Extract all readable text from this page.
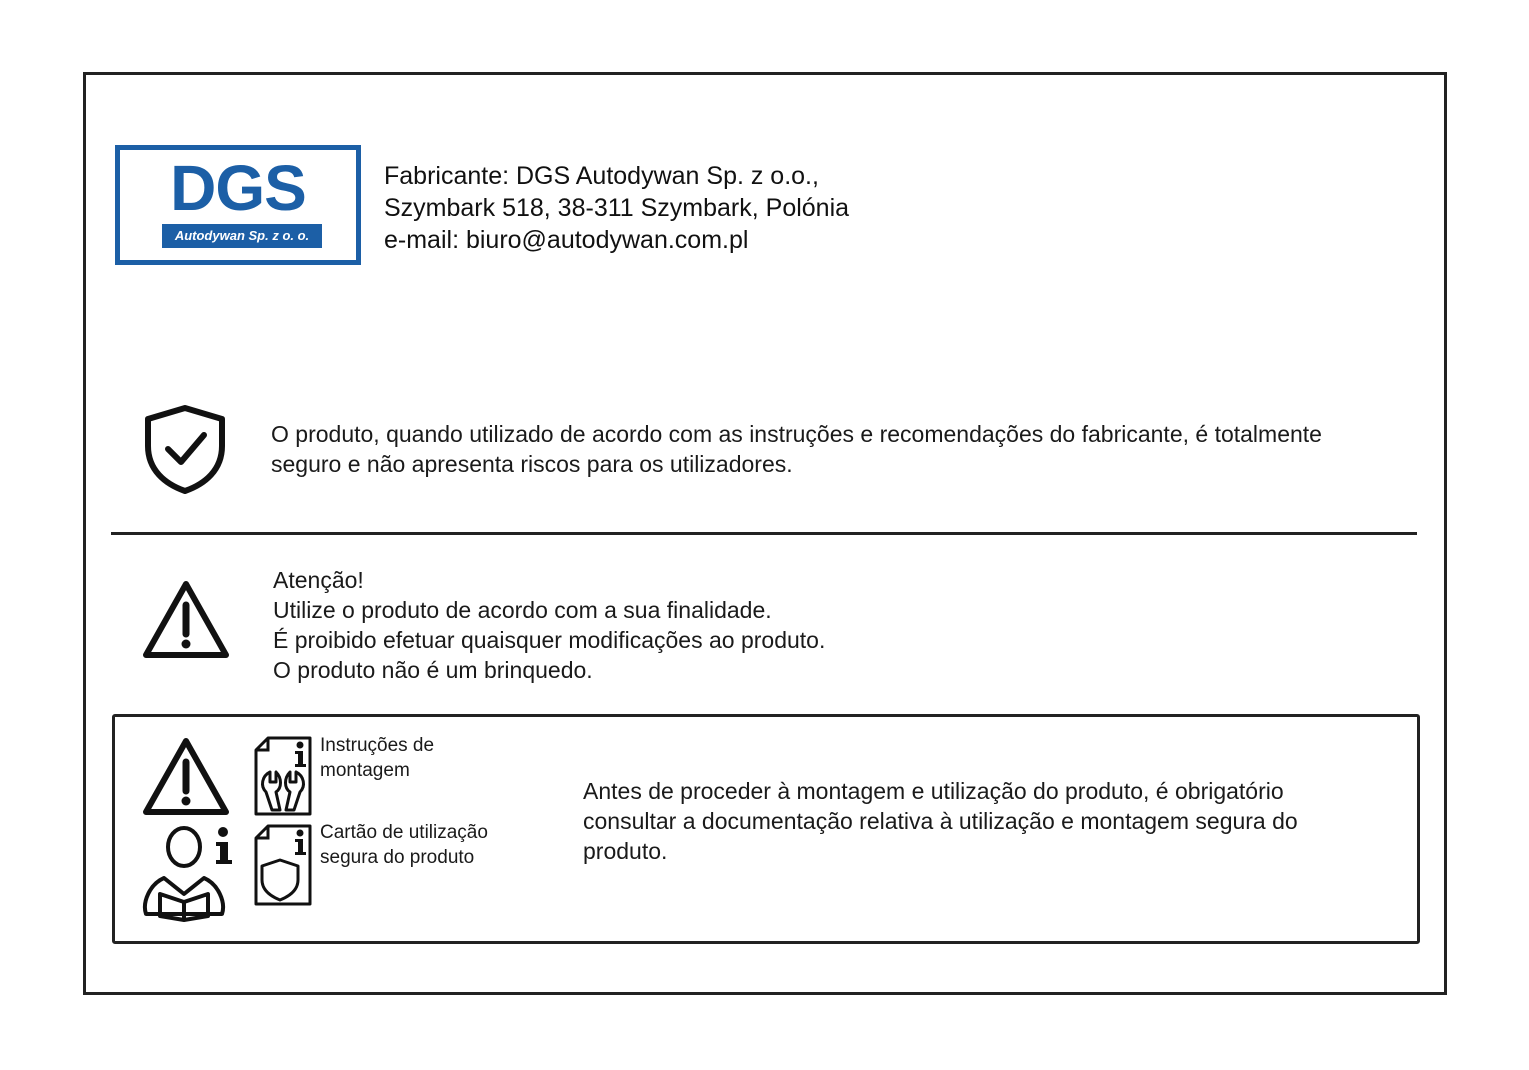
DGS
Autodywan Sp. z o. o.
Fabricante: DGS Autodywan Sp. z o.o.,
Szymbark 518, 38-311 Szymbark, Polónia
e-mail: biuro@autodywan.com.pl
O produto, quando utilizado de acordo com as instruções e recomendações do fabricante, é totalmente seguro e não apresenta riscos para os utilizadores.
Atenção!
Utilize o produto de acordo com a sua finalidade.
É proibido efetuar quaisquer modificações ao produto.
O produto não é um brinquedo.
Instruções de
montagem
Cartão de utilização
segura do produto
Antes de proceder à montagem e utilização do produto, é obrigatório consultar a documentação relativa à utilização e montagem segura do produto.
